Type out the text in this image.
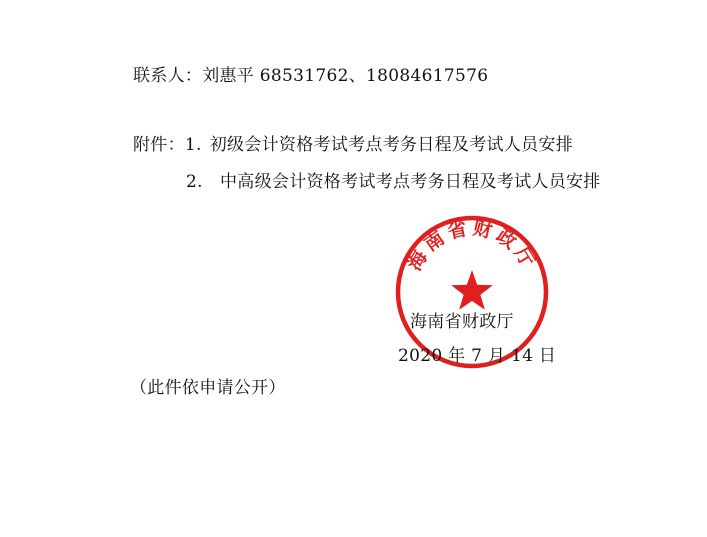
联系人：刘惠平 68531762、18084617576
附件：1. 初级会计资格考试考点考务日程及考试人员安排
2. 中高级会计资格考试考点考务日程及考试人员安排
海南省财政厅
海南省财政厅
2020 年 7 月 14 日
（此件依申请公开）
